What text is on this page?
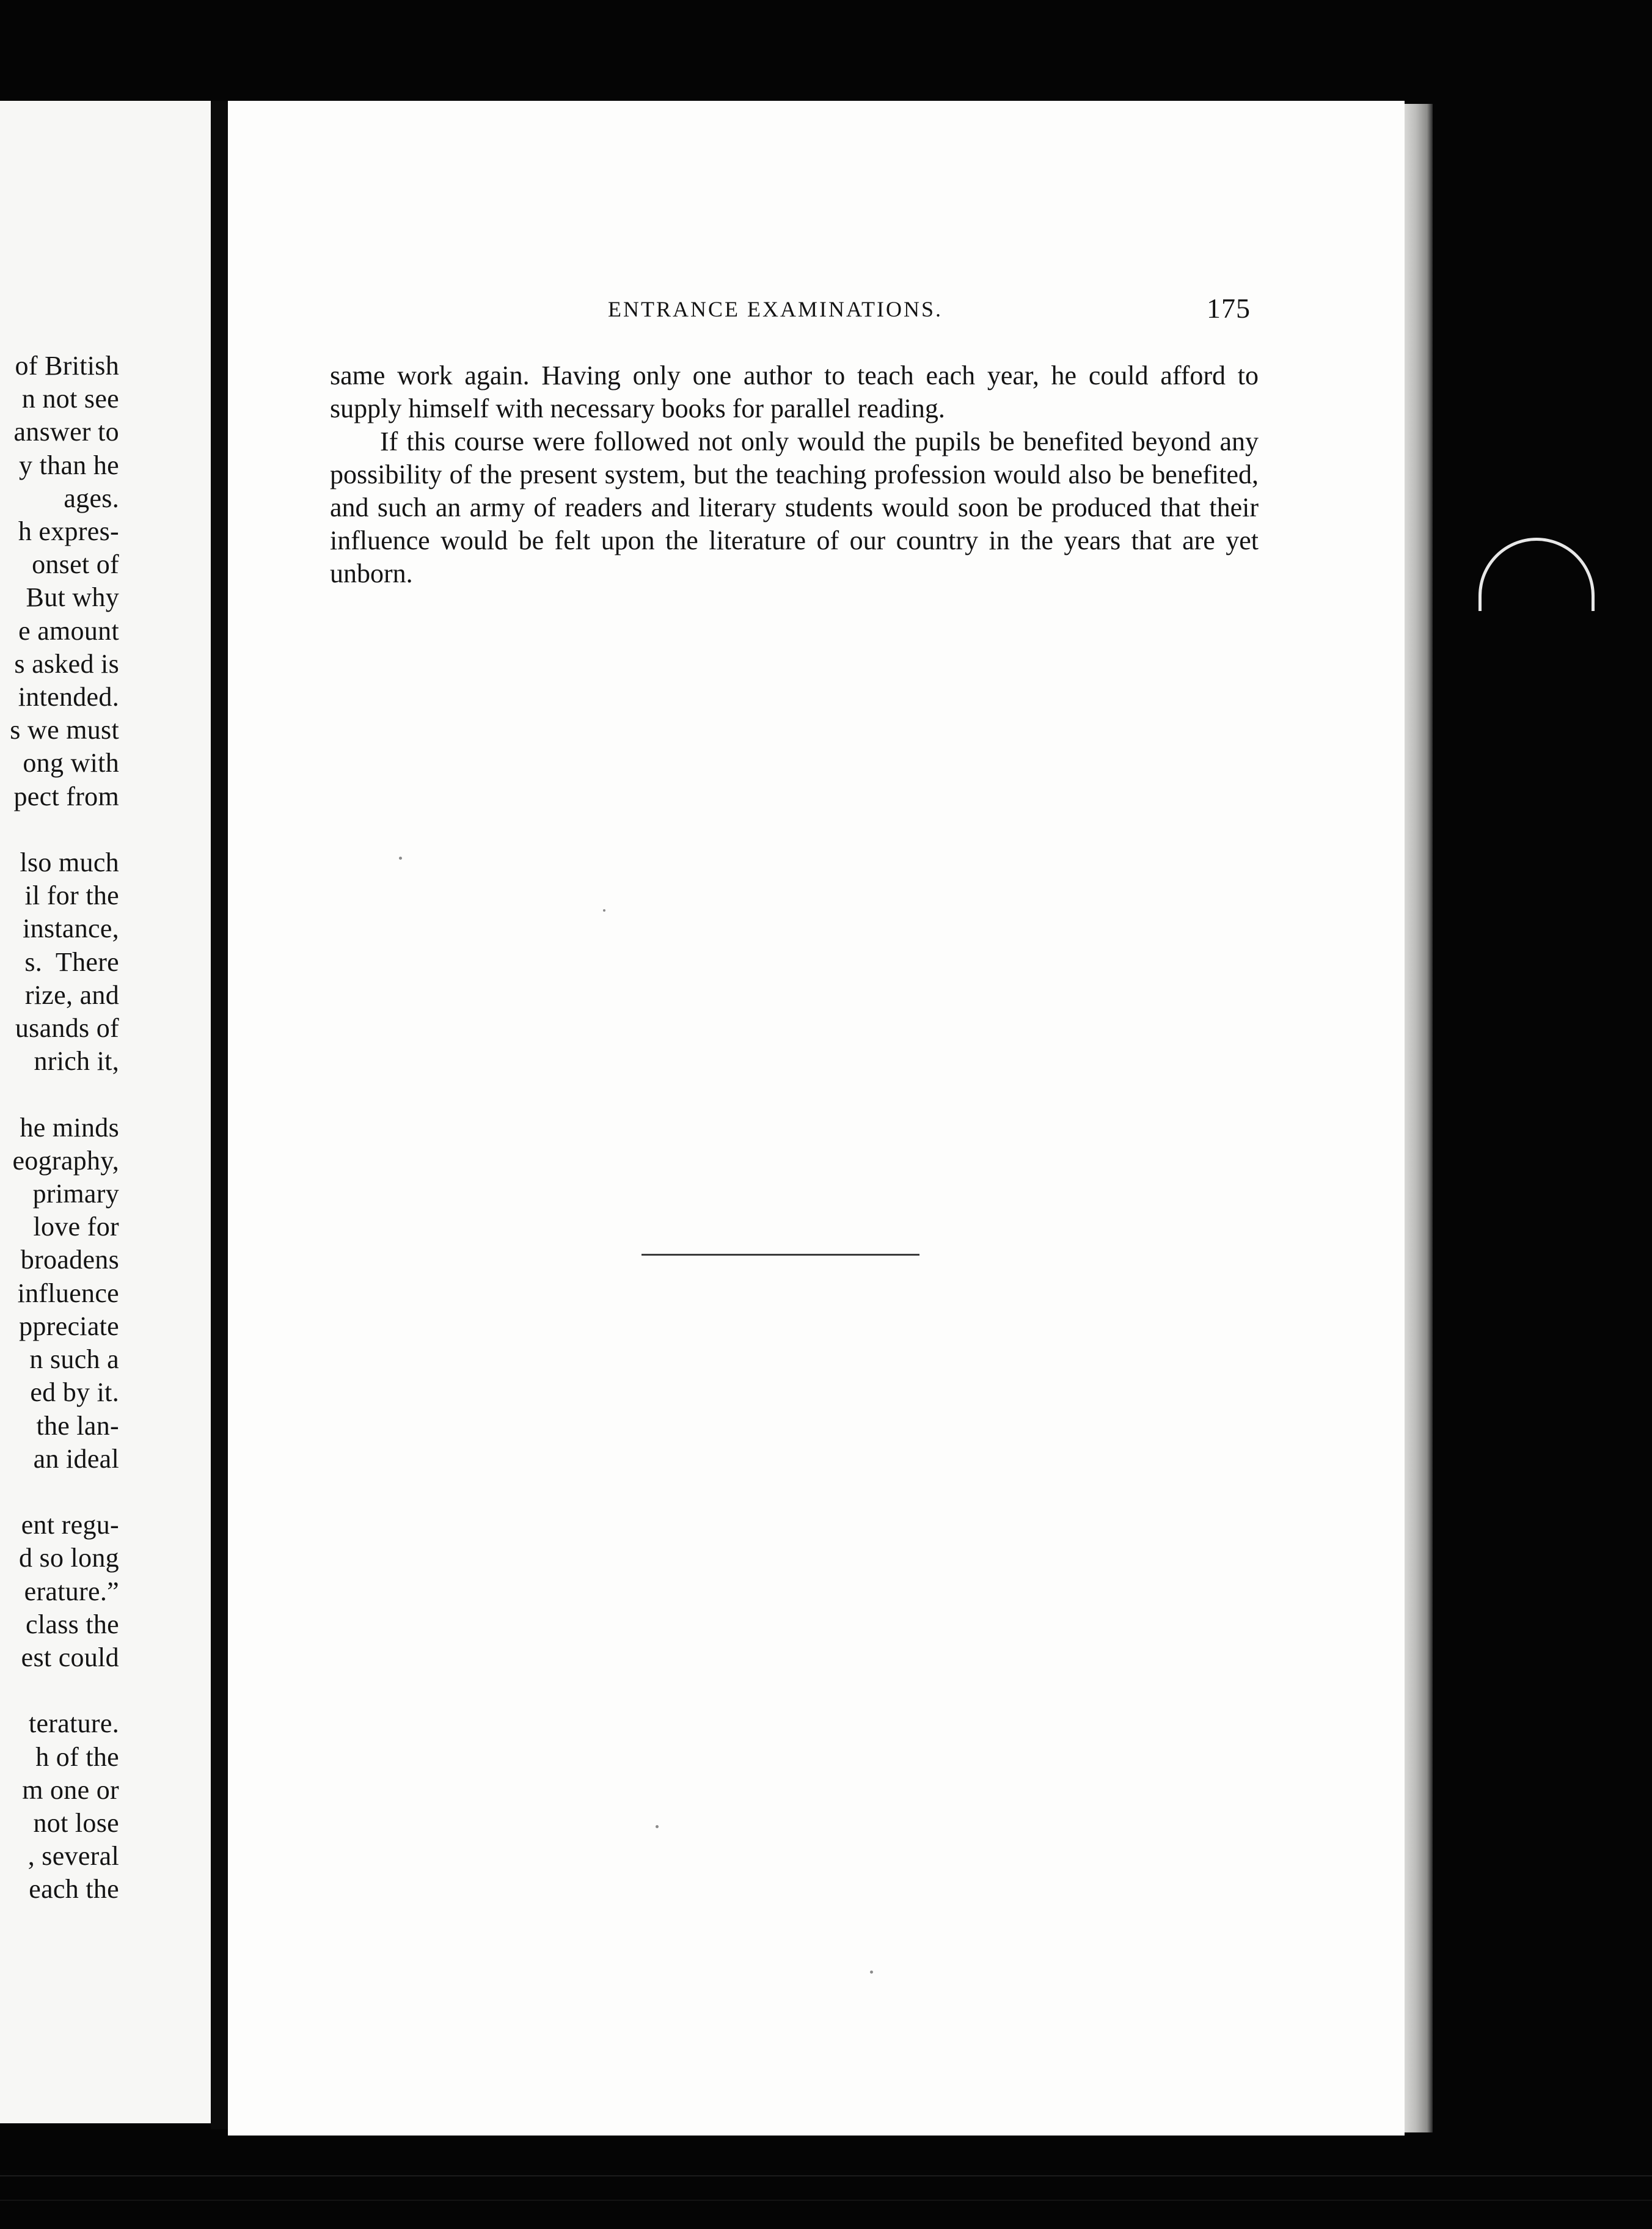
of British
n not see
answer to
y than he
ages.
h expres-
onset of
But why
e amount
s asked is
intended.
s we must
ong with
pect from

lso much
il for the
instance,
s.  There
rize, and
usands of
nrich it,

he minds
eography,
primary
love for
broadens
influence
ppreciate
n such a
ed by it.
the lan-
an ideal

ent regu-
d so long
erature.”
class the
est could

terature.
h of the
m one or
not lose
, several
each the
ENTRANCE EXAMINATIONS.	175

same work again. Having only one author to teach each year, he could afford to supply himself with necessary books for parallel reading.

If this course were followed not only would the pupils be benefited beyond any possibility of the present system, but the teaching profession would also be benefited, and such an army of readers and literary students would soon be produced that their influence would be felt upon the literature of our country in the years that are yet unborn.
